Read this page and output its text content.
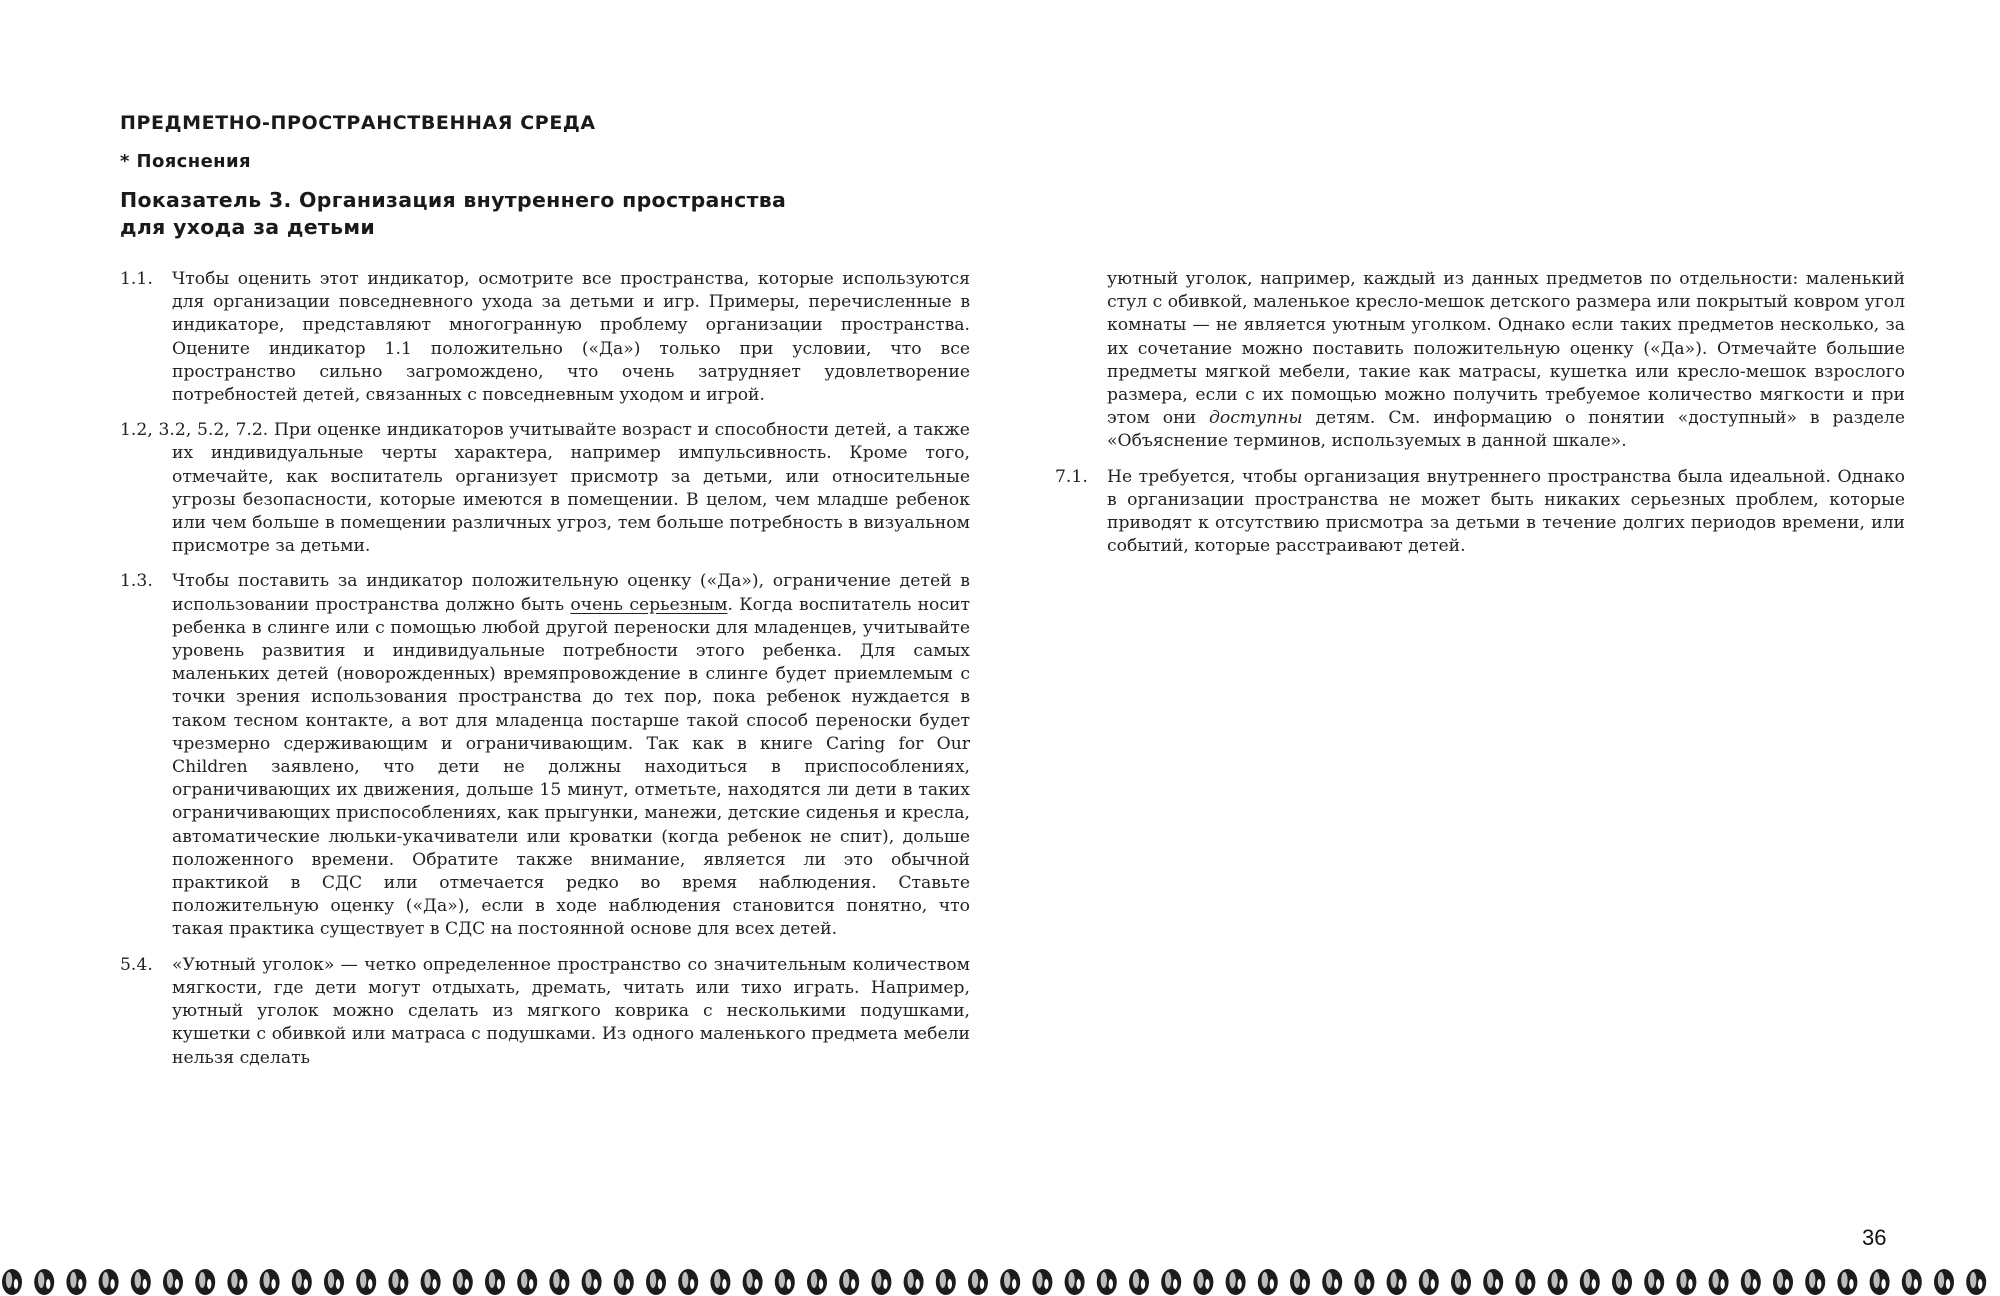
ПРЕДМЕТНО-ПРОСТРАНСТВЕННАЯ СРЕДА
* Пояснения
Показатель 3. Организация внутреннего пространства
для ухода за детьми
1.1. Чтобы оценить этот индикатор, осмотрите все пространства, которые используются для организации повседневного ухода за детьми и игр. Примеры, перечисленные в индикаторе, представляют многогранную проблему организации пространства. Оцените индикатор 1.1 положительно («Да») только при условии, что все пространство сильно загромождено, что очень затрудняет удовлетворение потребностей детей, связанных с повседневным уходом и игрой.
1.2, 3.2, 5.2, 7.2. При оценке индикаторов учитывайте возраст и способности детей, а также их индивидуальные черты характера, например импульсивность. Кроме того, отмечайте, как воспитатель организует присмотр за детьми, или относительные угрозы безопасности, которые имеются в помещении. В целом, чем младше ребенок или чем больше в помещении различных угроз, тем больше потребность в визуальном присмотре за детьми.
1.3. Чтобы поставить за индикатор положительную оценку («Да»), ограничение детей в использовании пространства должно быть очень серьезным. Когда воспитатель носит ребенка в слинге или с помощью любой другой переноски для младенцев, учитывайте уровень развития и индивидуальные потребности этого ребенка. Для самых маленьких детей (новорожденных) времяпровождение в слинге будет приемлемым с точки зрения использования пространства до тех пор, пока ребенок нуждается в таком тесном контакте, а вот для младенца постарше такой способ переноски будет чрезмерно сдерживающим и ограничивающим. Так как в книге Caring for Our Children заявлено, что дети не должны находиться в приспособлениях, ограничивающих их движения, дольше 15 минут, отметьте, находятся ли дети в таких ограничивающих приспособлениях, как прыгунки, манежи, детские сиденья и кресла, автоматические люльки-укачиватели или кроватки (когда ребенок не спит), дольше положенного времени. Обратите также внимание, является ли это обычной практикой в СДС или отмечается редко во время наблюдения. Ставьте положительную оценку («Да»), если в ходе наблюдения становится понятно, что такая практика существует в СДС на постоянной основе для всех детей.
5.4. «Уютный уголок» — четко определенное пространство со значительным количеством мягкости, где дети могут отдыхать, дремать, читать или тихо играть. Например, уютный уголок можно сделать из мягкого коврика с несколькими подушками, кушетки с обивкой или матраса с подушками. Из одного маленького предмета мебели нельзя сделать
уютный уголок, например, каждый из данных предметов по отдельности: маленький стул с обивкой, маленькое кресло-мешок детского размера или покрытый ковром угол комнаты — не является уютным уголком. Однако если таких предметов несколько, за их сочетание можно поставить положительную оценку («Да»). Отмечайте большие предметы мягкой мебели, такие как матрасы, кушетка или кресло-мешок взрослого размера, если с их помощью можно получить требуемое количество мягкости и при этом они доступны детям. См. информацию о понятии «доступный» в разделе «Объяснение терминов, используемых в данной шкале».
7.1. Не требуется, чтобы организация внутреннего пространства была идеальной. Однако в организации пространства не может быть никаких серьезных проблем, которые приводят к отсутствию присмотра за детьми в течение долгих периодов времени, или событий, которые расстраивают детей.
36
